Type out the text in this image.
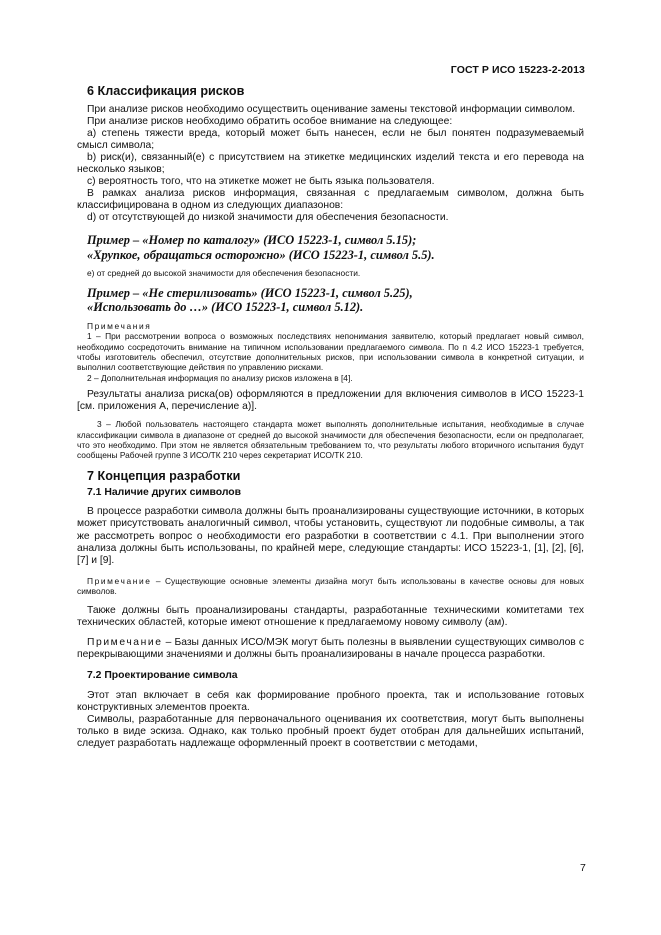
ГОСТ Р ИСО 15223-2-2013
6 Классификация рисков

При анализе рисков необходимо осуществить оценивание замены текстовой информации символом.

При анализе рисков необходимо обратить особое внимание на следующее:

a) степень тяжести вреда, который может быть нанесен, если не был понятен подразумеваемый смысл символа;

b) риск(и), связанный(е) с присутствием на этикетке медицинских изделий текста и его перевода на несколько языков;

c) вероятность того, что на этикетке может не быть языка пользователя.

В рамках анализа рисков информация, связанная с предлагаемым символом, должна быть классифицирована в одном из следующих диапазонов:

d) от отсутствующей до низкой значимости для обеспечения безопасности.

Пример – «Номер по каталогу» (ИСО 15223-1, символ 5.15);

«Хрупкое, обращаться осторожно» (ИСО 15223-1, символ 5.5).

e) от средней до высокой значимости для обеспечения безопасности.

Пример – «Не стерилизовать» (ИСО 15223-1, символ 5.25),

«Использовать до …» (ИСО 15223-1, символ 5.12).

Примечания

1 – При рассмотрении вопроса о возможных последствиях непонимания заявителю, который предлагает новый символ, необходимо сосредоточить внимание на типичном использовании предлагаемого символа. По п 4.2 ИСО 15223-1 требуется, чтобы изготовитель обеспечил, отсутствие дополнительных рисков, при использовании символа в конкретной ситуации, и выполнил соответствующие действия по управлению рисками.

2 – Дополнительная информация по анализу рисков изложена в [4].

Результаты анализа риска(ов) оформляются в предложении для включения символов в ИСО 15223-1 [см. приложения A, перечисление а)].

3 – Любой пользователь настоящего стандарта может выполнять дополнительные испытания, необходимые в случае классификации символа в диапазоне от средней до высокой значимости для обеспечения безопасности, если он предполагает, что это необходимо. При этом не является обязательным требованием то, что результаты любого вторичного испытания будут сообщены Рабочей группе 3 ИСО/ТК 210 через секретариат ИСО/ТК 210.

7 Концепция разработки
7.1 Наличие других символов

В процессе разработки символа должны быть проанализированы существующие источники, в которых может присутствовать аналогичный символ, чтобы установить, существуют ли подобные символы, а так же рассмотреть вопрос о необходимости его разработки в соответствии с 4.1. При выполнении этого анализа должны быть использованы, по крайней мере, следующие стандарты: ИСО 15223-1, [1], [2], [6], [7] и [9].

Примечание – Существующие основные элементы дизайна могут быть использованы в качестве основы для новых символов.

Также должны быть проанализированы стандарты, разработанные техническими комитетами тех технических областей, которые имеют отношение к предлагаемому новому символу (ам).

Примечание – Базы данных ИСО/МЭК могут быть полезны в выявлении существующих символов с перекрывающими значениями и должны быть проанализированы в начале процесса разработки.

7.2 Проектирование символа

Этот этап включает в себя как формирование пробного проекта, так и использование готовых конструктивных элементов проекта.

Символы, разработанные для первоначального оценивания их соответствия, могут быть выполнены только в виде эскиза. Однако, как только пробный проект будет отобран для дальнейших испытаний, следует разработать надлежаще оформленный проект в соответствии с методами,

7
